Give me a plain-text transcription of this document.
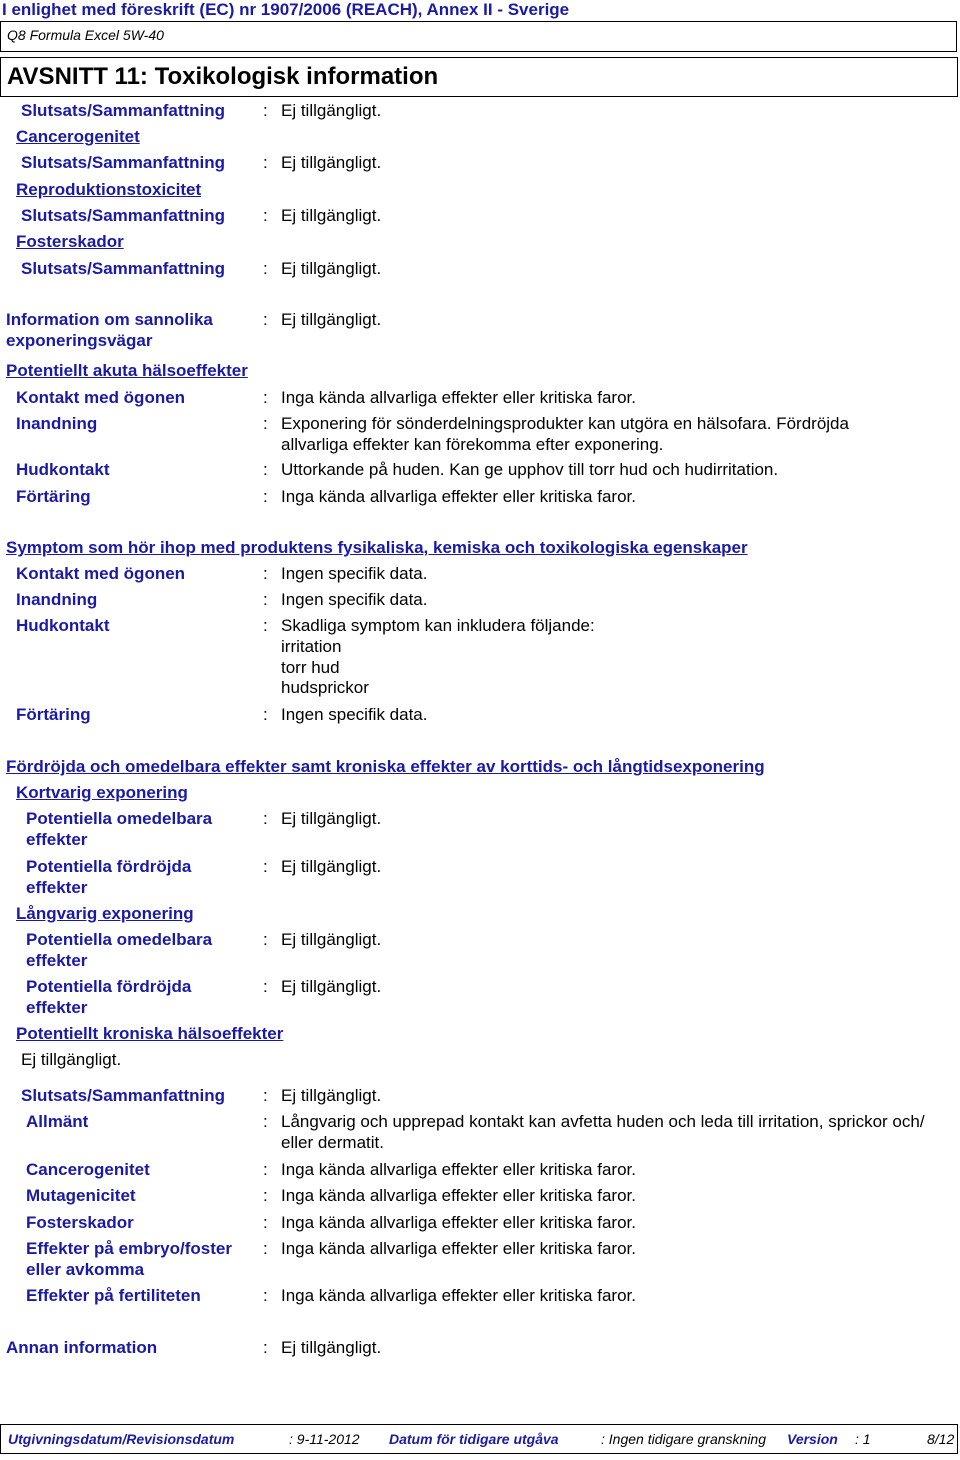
I enlighet med föreskrift (EC) nr 1907/2006 (REACH), Annex II - Sverige
Q8 Formula Excel 5W-40
AVSNITT 11: Toxikologisk information
Slutsats/Sammanfattning : Ej tillgängligt.
Cancerogenitet
Slutsats/Sammanfattning : Ej tillgängligt.
Reproduktionstoxicitet
Slutsats/Sammanfattning : Ej tillgängligt.
Fosterskador
Slutsats/Sammanfattning : Ej tillgängligt.
Information om sannolika
exponeringsvägar
: Ej tillgängligt.
Potentiellt akuta hälsoeffekter
Kontakt med ögonen	: Inga kända allvarliga effekter eller kritiska faror.
Inandning	: Exponering för sönderdelningsprodukter kan utgöra en hälsofara. Fördröjda
allvarliga effekter kan förekomma efter exponering.
Hudkontakt	: Uttorkande på huden. Kan ge upphov till torr hud och hudirritation.
Förtäring	: Inga kända allvarliga effekter eller kritiska faror.
Symptom som hör ihop med produktens fysikaliska, kemiska och toxikologiska egenskaper
Kontakt med ögonen	: Ingen specifik data.
Inandning	: Ingen specifik data.
Hudkontakt	: Skadliga symptom kan inkludera följande:
irritation
torr hud
hudsprickor
Förtäring	: Ingen specifik data.
Fördröjda och omedelbara effekter samt kroniska effekter av korttids- och långtidsexponering
Kortvarig exponering
Potentiella omedelbara
effekter
: Ej tillgängligt.
Potentiella fördröjda
effekter
: Ej tillgängligt.
Långvarig exponering
Potentiella omedelbara
effekter
: Ej tillgängligt.
Potentiella fördröjda
effekter
: Ej tillgängligt.
Potentiellt kroniska hälsoeffekter
Ej tillgängligt.
Slutsats/Sammanfattning : Ej tillgängligt.
Allmänt	: Långvarig och upprepad kontakt kan avfetta huden och leda till irritation, sprickor och/
eller dermatit.
Cancerogenitet	: Inga kända allvarliga effekter eller kritiska faror.
Mutagenicitet	: Inga kända allvarliga effekter eller kritiska faror.
Fosterskador	: Inga kända allvarliga effekter eller kritiska faror.
Effekter på embryo/foster
eller avkomma
: Inga kända allvarliga effekter eller kritiska faror.
Effekter på fertiliteten	: Inga kända allvarliga effekter eller kritiska faror.
Annan information	: Ej tillgängligt.
Utgivningsdatum/Revisionsdatum	: 9-11-2012 Datum för tidigare utgåva	: Ingen tidigare granskning Version : 1	8/12
